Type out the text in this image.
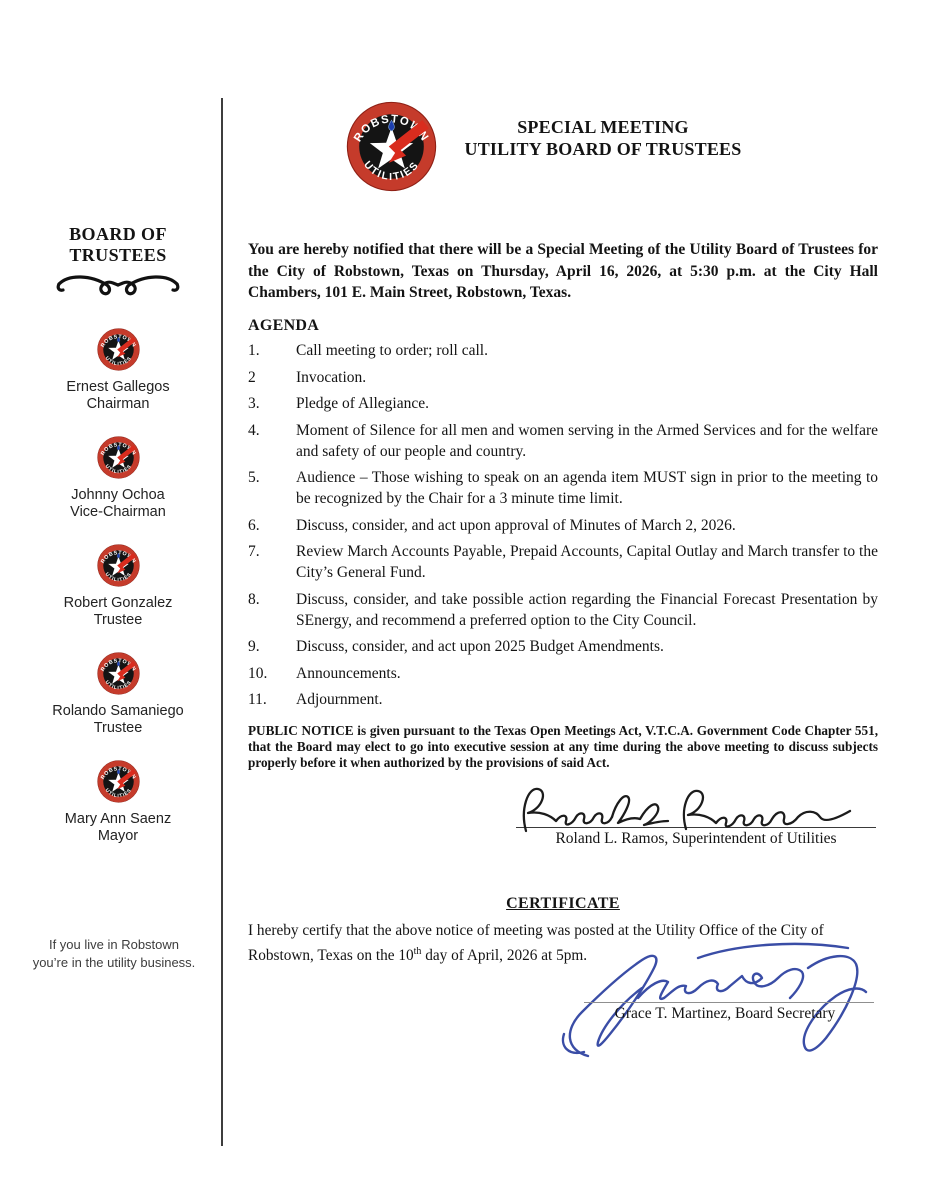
SPECIAL MEETING
UTILITY BOARD OF TRUSTEES
BOARD OF
TRUSTEES
Ernest Gallegos
Chairman
Johnny Ochoa
Vice-Chairman
Robert Gonzalez
Trustee
Rolando Samaniego
Trustee
Mary Ann Saenz
Mayor
If you live in Robstown
you’re in the utility business.
You are hereby notified that there will be a Special Meeting of the Utility Board of Trustees for the City of Robstown, Texas on Thursday, April 16, 2026, at 5:30 p.m. at the City Hall Chambers, 101 E. Main Street, Robstown, Texas.
AGENDA
1.	Call meeting to order; roll call.
2	Invocation.
3.	Pledge of Allegiance.
4.	Moment of Silence for all men and women serving in the Armed Services and for the welfare and safety of our people and country.
5.	Audience – Those wishing to speak on an agenda item MUST sign in prior to the meeting to be recognized by the Chair for a 3 minute time limit.
6.	Discuss, consider, and act upon approval of Minutes of March 2, 2026.
7.	Review March Accounts Payable, Prepaid Accounts, Capital Outlay and March transfer to the City’s General Fund.
8.	Discuss, consider, and take possible action regarding the Financial Forecast Presentation by SEnergy, and recommend a preferred option to the City Council.
9.	Discuss, consider, and act upon 2025 Budget Amendments.
10.	Announcements.
11.	Adjournment.
PUBLIC NOTICE is given pursuant to the Texas Open Meetings Act, V.T.C.A. Government Code Chapter 551, that the Board may elect to go into executive session at any time during the above meeting to discuss subjects properly before it when authorized by the provisions of said Act.
Roland L. Ramos, Superintendent of Utilities
CERTIFICATE
I hereby certify that the above notice of meeting was posted at the Utility Office of the City of Robstown, Texas on the 10th day of April, 2026 at 5pm.
Grace T. Martinez, Board Secretary
